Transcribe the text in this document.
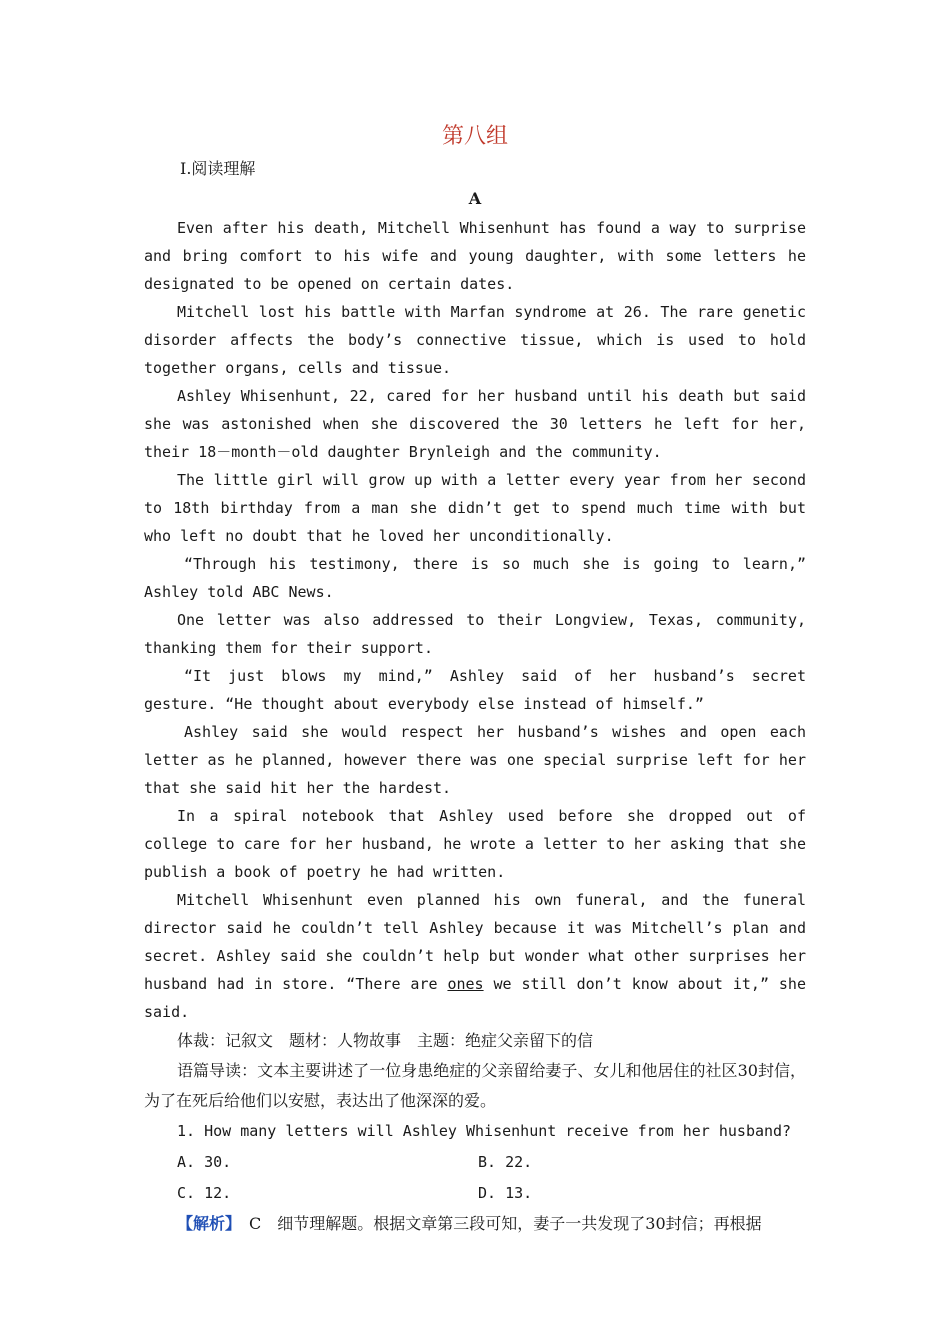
第八组
Ⅰ.阅读理解
A

Even after his death, Mitchell Whisenhunt has found a way to surprise and bring comfort to his wife and young daughter, with some letters he designated to be opened on certain dates.

Mitchell lost his battle with Marfan syndrome at 26. The rare genetic disorder affects the body’s connective tissue, which is used to hold together organs, cells and tissue.

Ashley Whisenhunt, 22, cared for her husband until his death but said she was astonished when she discovered the 30 letters he left for her, their 18－month－old daughter Brynleigh and the community.

The little girl will grow up with a letter every year from her second to 18th birthday from a man she didn’t get to spend much time with but who left no doubt that he loved her unconditionally.

“Through his testimony, there is so much she is going to learn,” Ashley told ABC News.

One letter was also addressed to their Longview, Texas, community, thanking them for their support.

“It just blows my mind,” Ashley said of her husband’s secret gesture. “He thought about everybody else instead of himself.”

Ashley said she would respect her husband’s wishes and open each letter as he planned, however there was one special surprise left for her that she said hit her the hardest.

In a spiral notebook that Ashley used before she dropped out of college to care for her husband, he wrote a letter to her asking that she publish a book of poetry he had written.

Mitchell Whisenhunt even planned his own funeral, and the funeral director said he couldn’t tell Ashley because it was Mitchell’s plan and secret. Ashley said she couldn’t help but wonder what other surprises her husband had in store. “There are ones we still don’t know about it,” she said.

体裁：记叙文　题材：人物故事　主题：绝症父亲留下的信

语篇导读：文本主要讲述了一位身患绝症的父亲留给妻子、女儿和他居住的社区30封信，为了在死后给他们以安慰，表达出了他深深的爱。

1. How many letters will Ashley Whisenhunt receive from her husband?
A. 30.	B. 22.
C. 12.	D. 13.

【解析】　 C　 细节理解题。根据文章第三段可知，妻子一共发现了30封信；再根据
